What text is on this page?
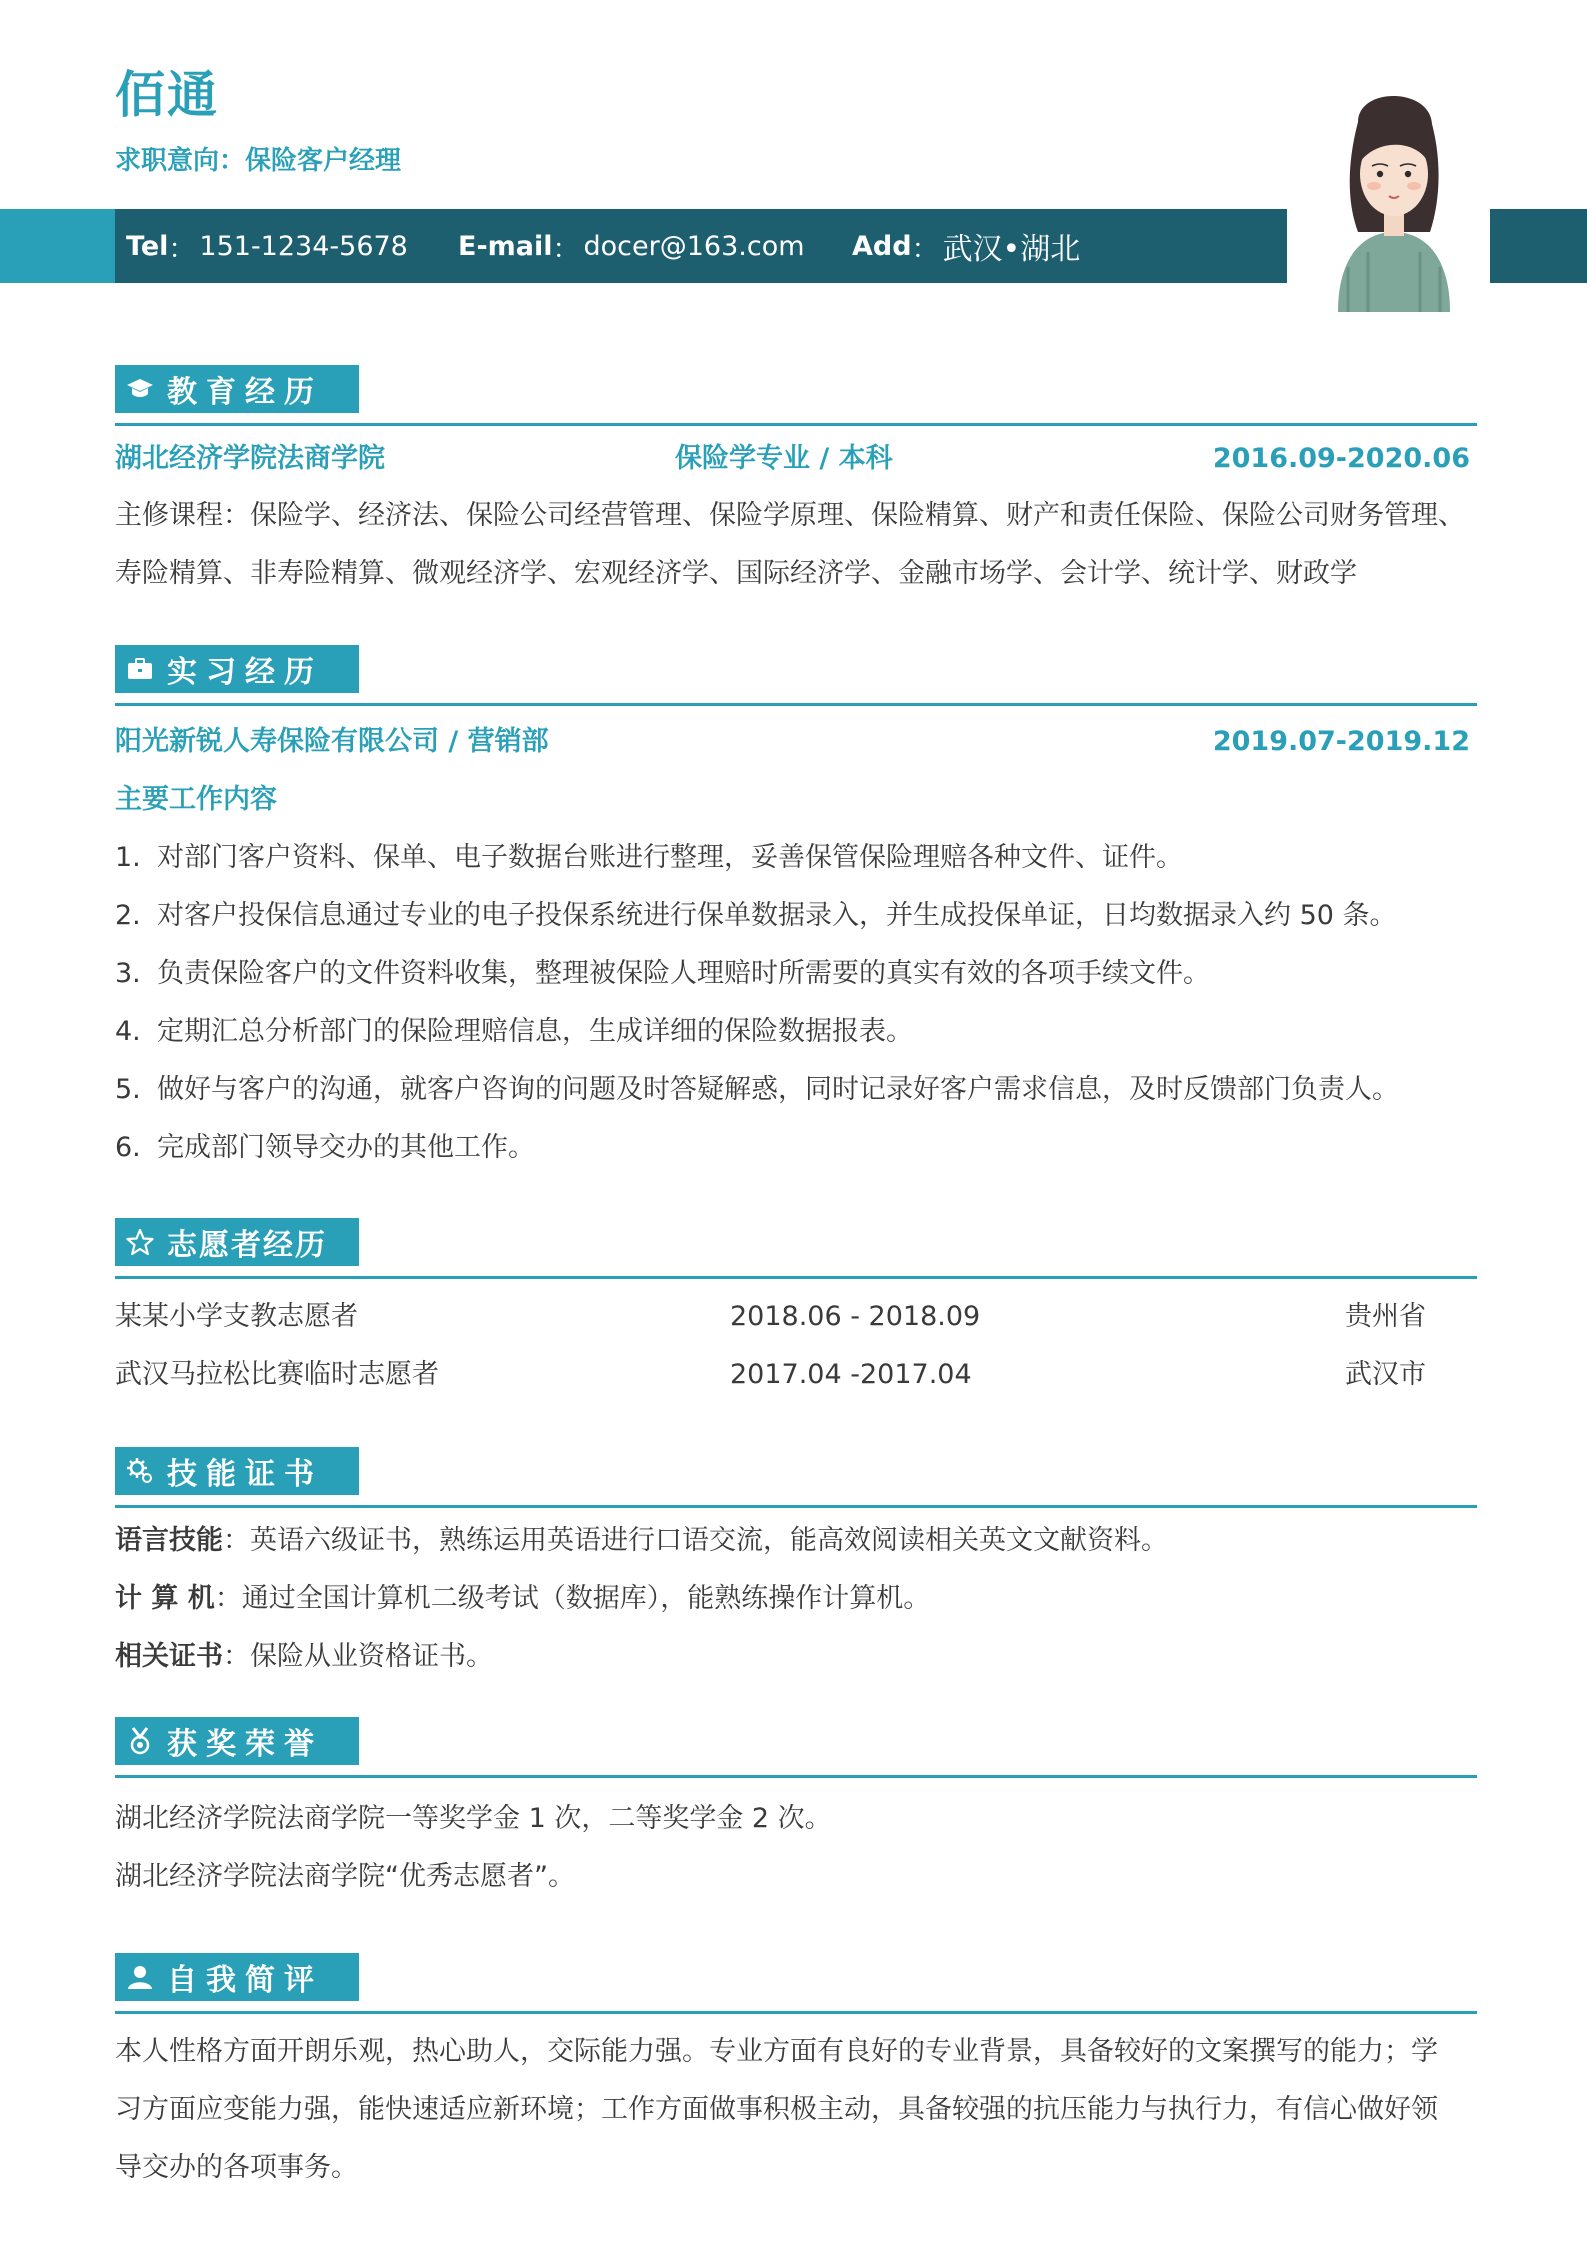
佰通
求职意向：保险客户经理
Tel ： 151-1234-5678 E-mail ： docer@163.com Add ： 武汉•湖北
教育经历
湖北经济学院法商学院	保险学专业 / 本科	2016.09-2020.06
主修课程：保险学、经济法、保险公司经营管理、保险学原理、保险精算、财产和责任保险、保险公司财务管理、
寿险精算、非寿险精算、微观经济学、宏观经济学、国际经济学、金融市场学、会计学、统计学、财政学
实习经历
阳光新锐人寿保险有限公司 / 营销部	2019.07-2019.12
主要工作内容
1. 对部门客户资料、保单、电子数据台账进行整理，妥善保管保险理赔各种文件、证件。
2. 对客户投保信息通过专业的电子投保系统进行保单数据录入，并生成投保单证，日均数据录入约 50 条。
3. 负责保险客户的文件资料收集，整理被保险人理赔时所需要的真实有效的各项手续文件。
4. 定期汇总分析部门的保险理赔信息，生成详细的保险数据报表。
5. 做好与客户的沟通，就客户咨询的问题及时答疑解惑，同时记录好客户需求信息，及时反馈部门负责人。
6. 完成部门领导交办的其他工作。
志愿者经历
某某小学支教志愿者	2018.06 - 2018.09	贵州省
武汉马拉松比赛临时志愿者	2017.04 -2017.04	武汉市
技能证书
语言技能：英语六级证书，熟练运用英语进行口语交流，能高效阅读相关英文文献资料。
计 算 机：通过全国计算机二级考试（数据库），能熟练操作计算机。
相关证书：保险从业资格证书。
获奖荣誉
湖北经济学院法商学院一等奖学金 1 次，二等奖学金 2 次。
湖北经济学院法商学院“优秀志愿者”。
自我简评
本人性格方面开朗乐观，热心助人，交际能力强。专业方面有良好的专业背景，具备较好的文案撰写的能力；学
习方面应变能力强，能快速适应新环境；工作方面做事积极主动，具备较强的抗压能力与执行力，有信心做好领
导交办的各项事务。
